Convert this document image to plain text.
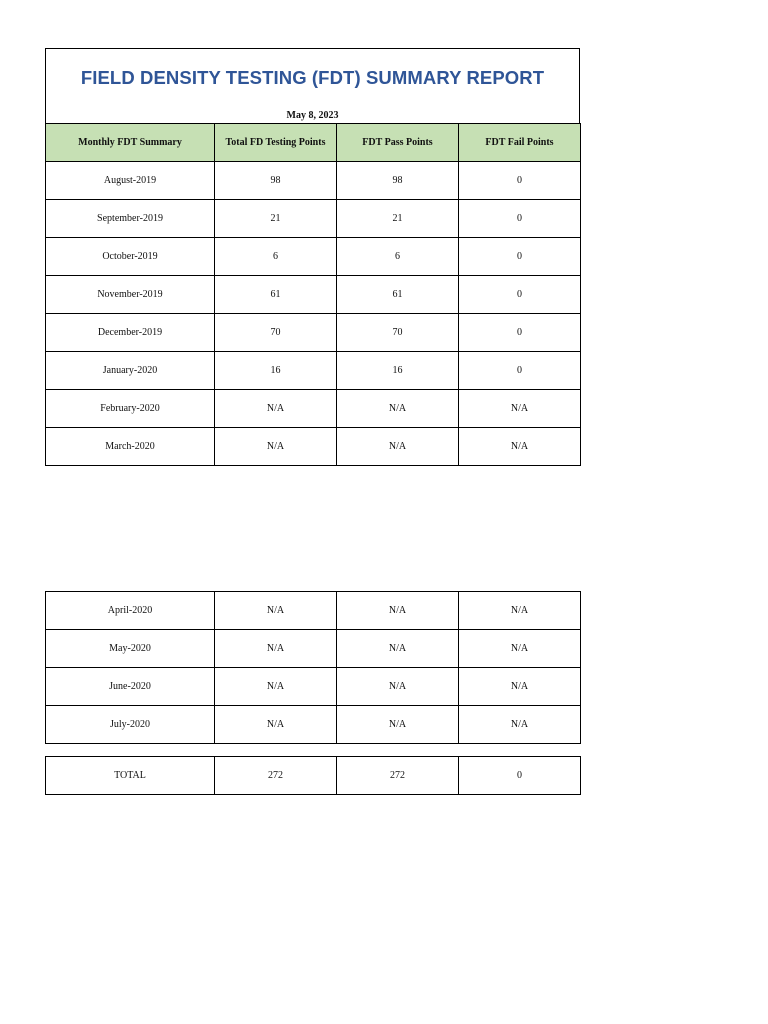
FIELD DENSITY TESTING (FDT) SUMMARY REPORT
May 8, 2023
Monthly FDT Summary	Total FD Testing Points	FDT Pass Points	FDT Fail Points
August-2019	98	98	0
September-2019	21	21	0
October-2019	6	6	0
November-2019	61	61	0
December-2019	70	70	0
January-2020	16	16	0
February-2020	N/A	N/A	N/A
March-2020	N/A	N/A	N/A
April-2020	N/A	N/A	N/A
May-2020	N/A	N/A	N/A
June-2020	N/A	N/A	N/A
July-2020	N/A	N/A	N/A
TOTAL	272	272	0
